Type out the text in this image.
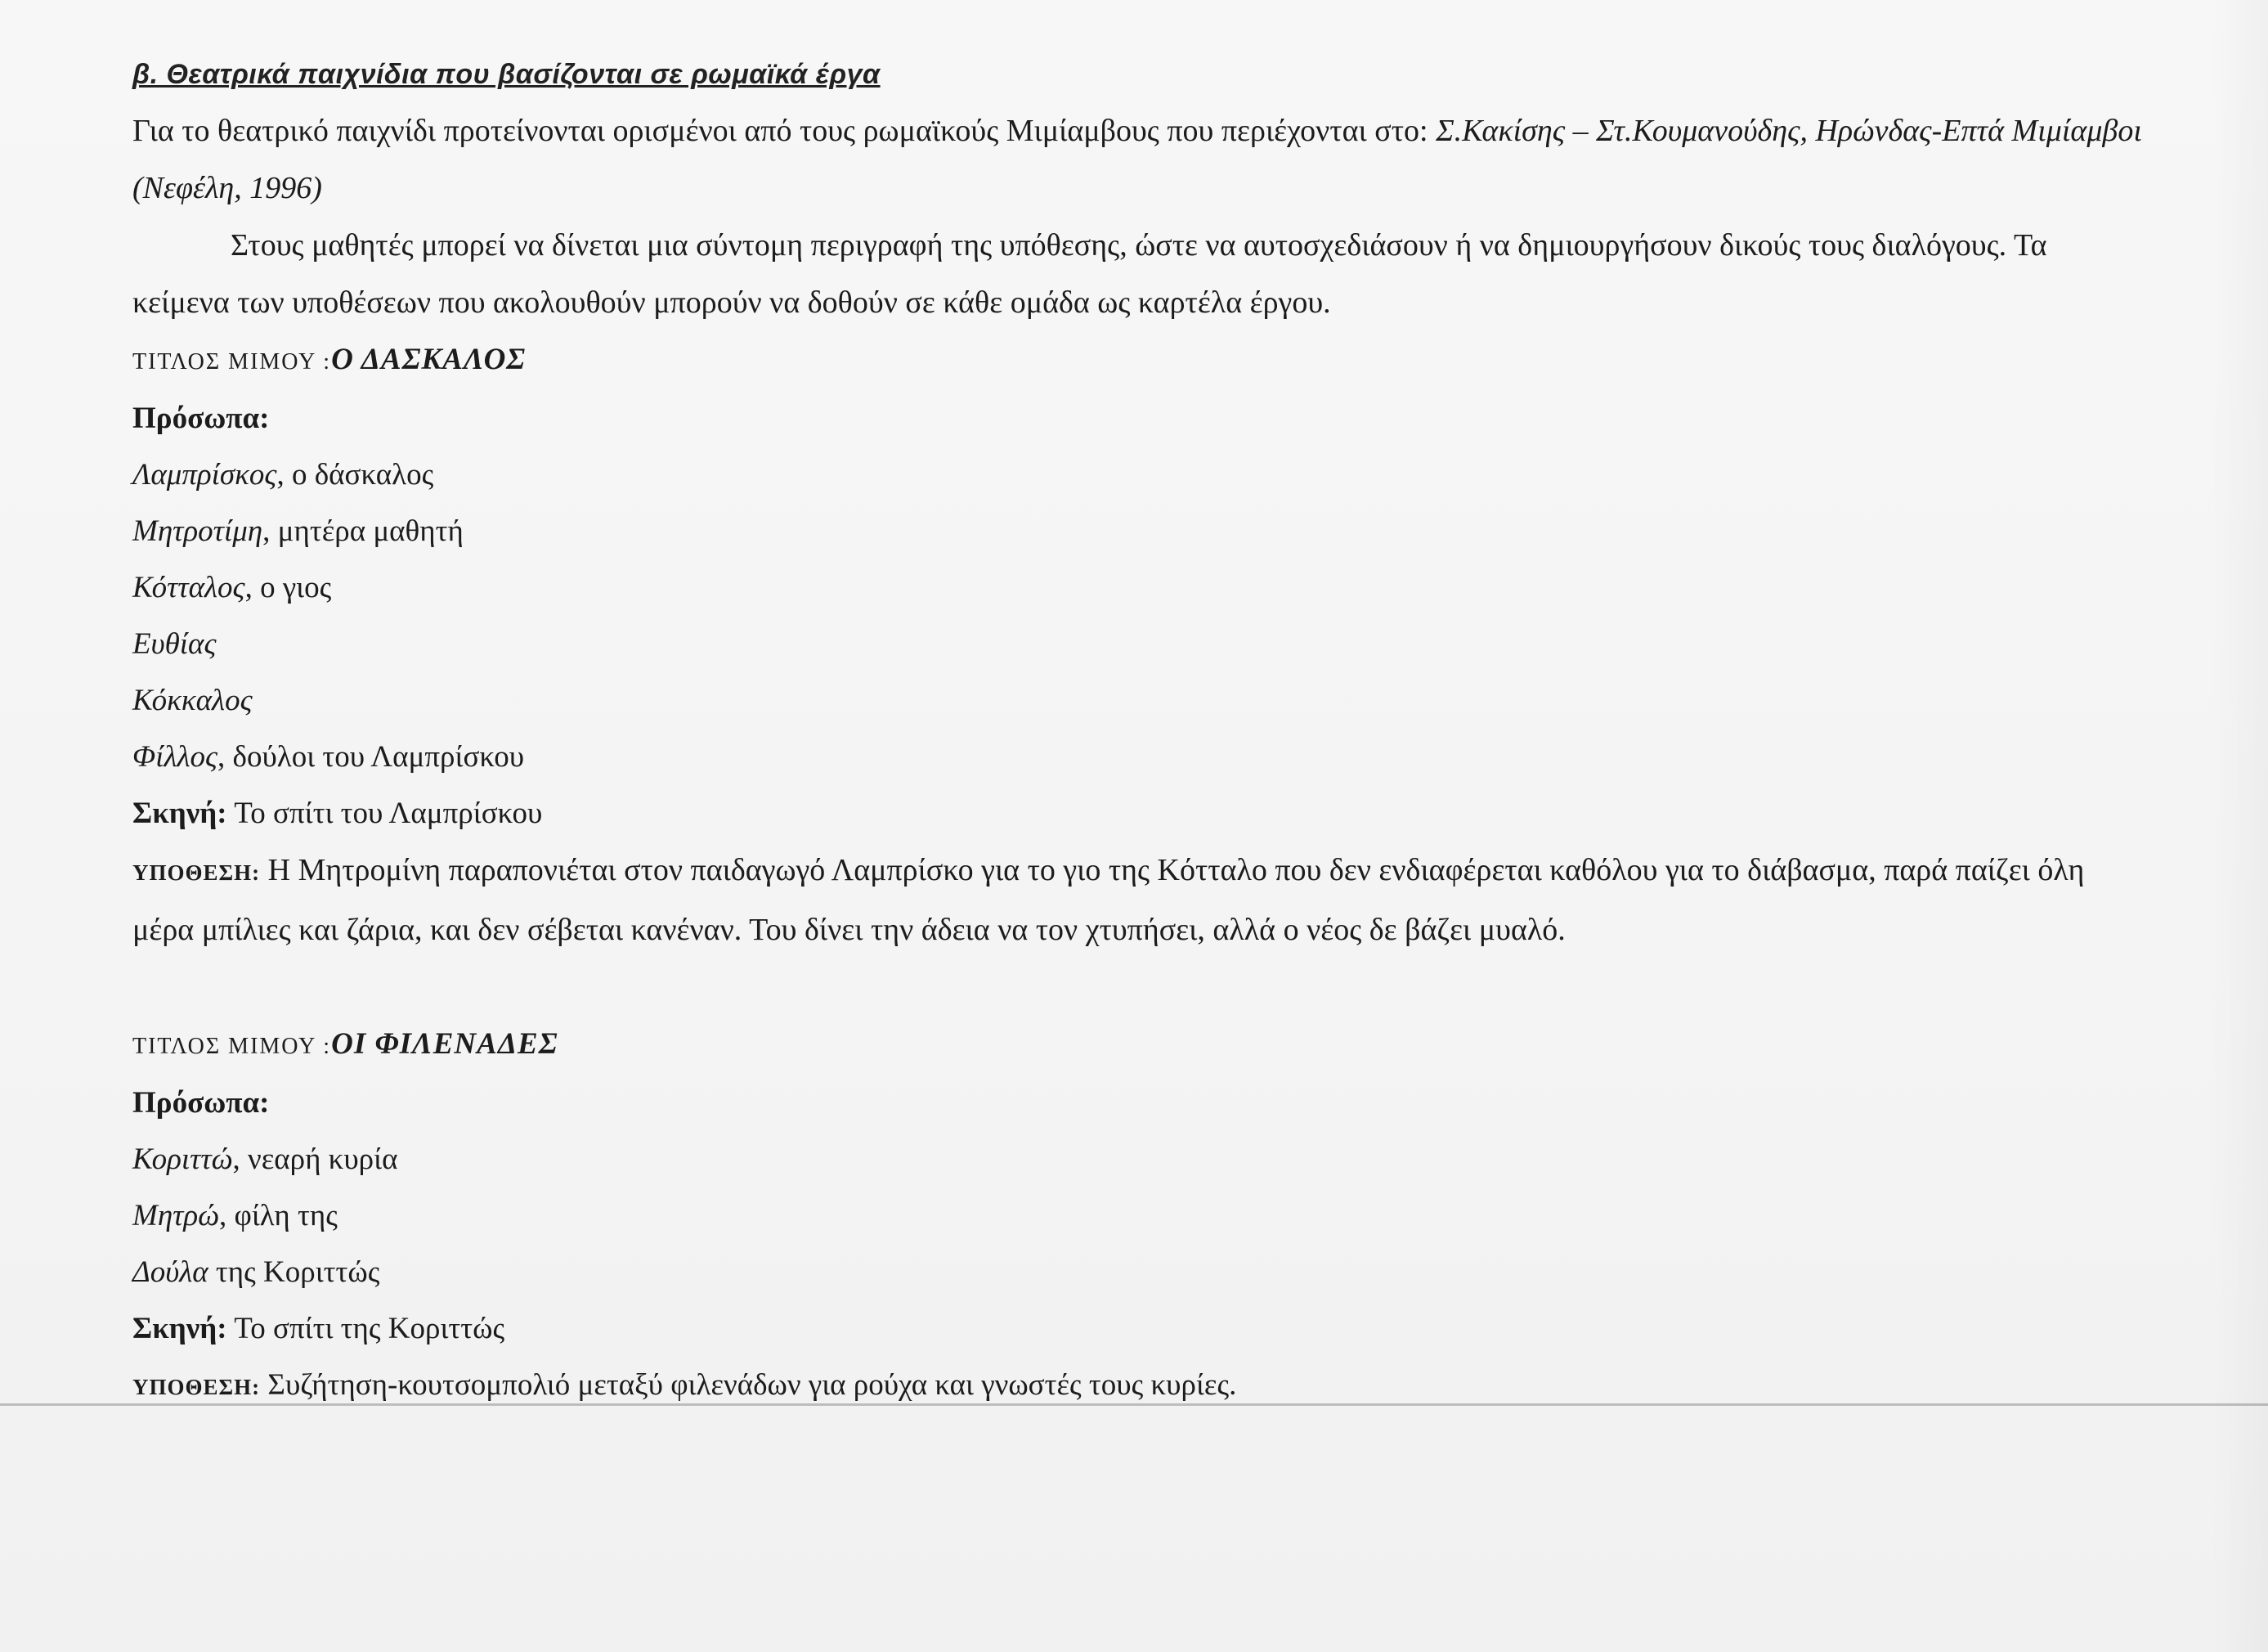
β. Θεατρικά παιχνίδια που βασίζονται σε ρωμαϊκά έργα

Για το θεατρικό παιχνίδι προτείνονται ορισμένοι από τους ρωμαϊκούς Μιμίαμβους που περιέχονται στο: Σ.Κακίσης – Στ.Κουμανούδης, Ηρώνδας-Επτά Μιμίαμβοι (Νεφέλη, 1996)

Στους μαθητές μπορεί να δίνεται μια σύντομη περιγραφή της υπόθεσης, ώστε να αυτοσχεδιάσουν ή να δημιουργήσουν δικούς τους διαλόγους. Τα κείμενα των υποθέσεων που ακολουθούν μπορούν να δοθούν σε κάθε ομάδα ως καρτέλα έργου.

ΤΙΤΛΟΣ ΜΙΜΟΥ :Ο ΔΑΣΚΑΛΟΣ

Πρόσωπα:

Λαμπρίσκος, ο δάσκαλος

Μητροτίμη, μητέρα μαθητή

Κότταλος, ο γιος

Ευθίας

Κόκκαλος

Φίλλος, δούλοι του Λαμπρίσκου

Σκηνή: Το σπίτι του Λαμπρίσκου

ΥΠΟΘΕΣΗ: Η Μητρομίνη παραπονιέται στον παιδαγωγό Λαμπρίσκο για το γιο της Κότταλο που δεν ενδιαφέρεται καθόλου για το διάβασμα, παρά παίζει όλη μέρα μπίλιες και ζάρια, και δεν σέβεται κανέναν. Του δίνει την άδεια να τον χτυπήσει, αλλά ο νέος δε βάζει μυαλό.

ΤΙΤΛΟΣ ΜΙΜΟΥ :ΟΙ ΦΙΛΕΝΑΔΕΣ

Πρόσωπα:

Κοριττώ, νεαρή κυρία

Μητρώ, φίλη της

Δούλα της Κοριττώς

Σκηνή: Το σπίτι της Κοριττώς

ΥΠΟΘΕΣΗ: Συζήτηση-κουτσομπολιό μεταξύ φιλενάδων για ρούχα και γνωστές τους κυρίες.
